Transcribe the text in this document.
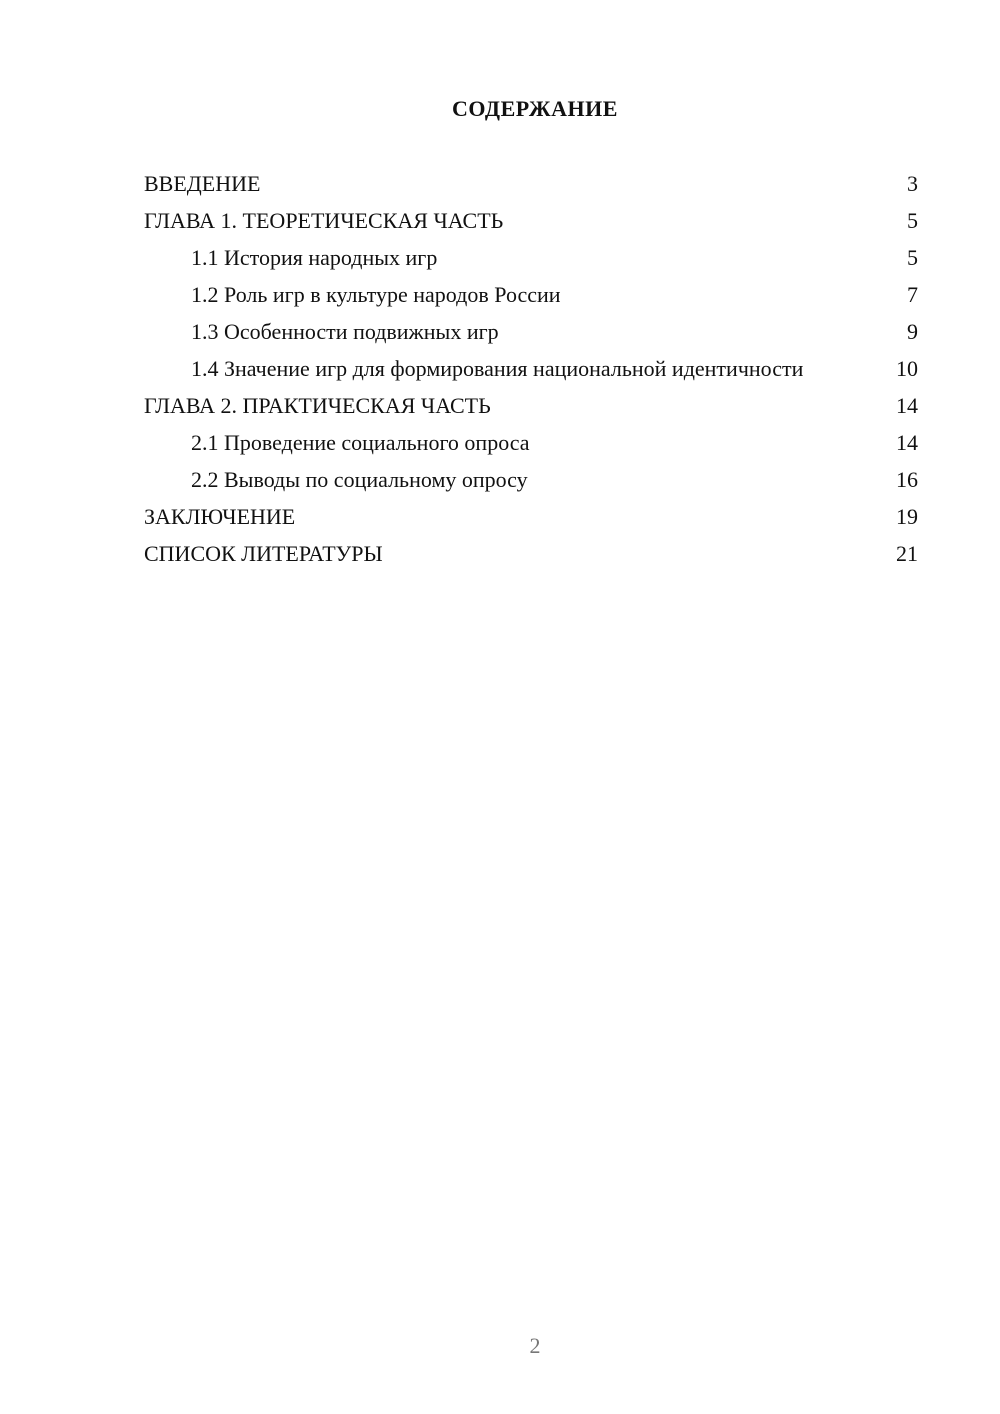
СОДЕРЖАНИЕ
ВВЕДЕНИЕ	3
ГЛАВА 1. ТЕОРЕТИЧЕСКАЯ ЧАСТЬ	5
1.1 История народных игр	5
1.2 Роль игр в культуре народов России	7
1.3 Особенности подвижных игр	9
1.4 Значение игр для формирования национальной идентичности	10
ГЛАВА 2. ПРАКТИЧЕСКАЯ ЧАСТЬ	14
2.1 Проведение социального опроса	14
2.2 Выводы по социальному опросу	16
ЗАКЛЮЧЕНИЕ	19
СПИСОК ЛИТЕРАТУРЫ	21
2
